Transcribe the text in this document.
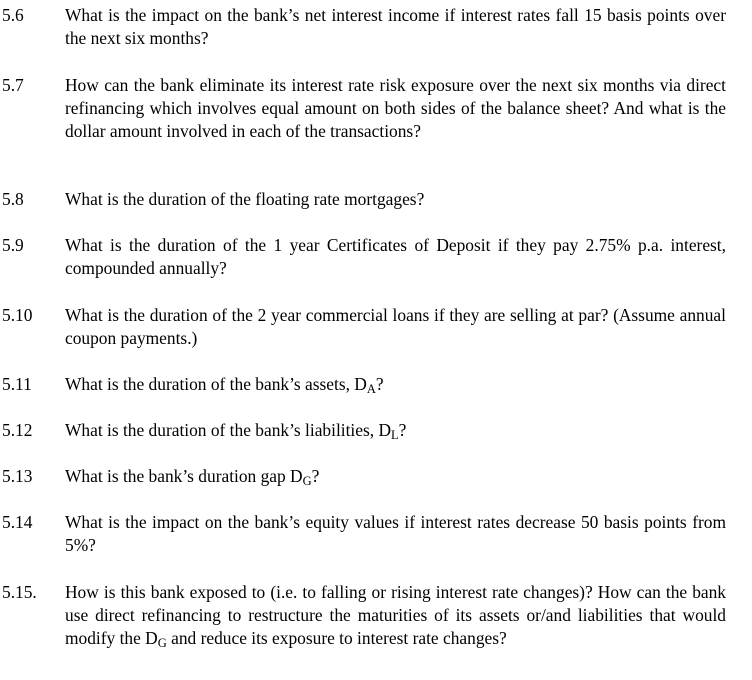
5.6 What is the impact on the bank’s net interest income if interest rates fall 15 basis points over the next six months?
5.7 How can the bank eliminate its interest rate risk exposure over the next six months via direct refinancing which involves equal amount on both sides of the balance sheet? And what is the dollar amount involved in each of the transactions?
5.8 What is the duration of the floating rate mortgages?
5.9 What is the duration of the 1 year Certificates of Deposit if they pay 2.75% p.a. interest, compounded annually?
5.10 What is the duration of the 2 year commercial loans if they are selling at par? (Assume annual coupon payments.)
5.11 What is the duration of the bank’s assets, $D_A$?
5.12 What is the duration of the bank’s liabilities, $D_L$?
5.13 What is the bank’s duration gap $D_G$?
5.14 What is the impact on the bank’s equity values if interest rates decrease 50 basis points from 5%?
5.15. How is this bank exposed to (i.e. to falling or rising interest rate changes)? How can the bank use direct refinancing to restructure the maturities of its assets or/and liabilities that would modify the $D_G$ and reduce its exposure to interest rate changes?
